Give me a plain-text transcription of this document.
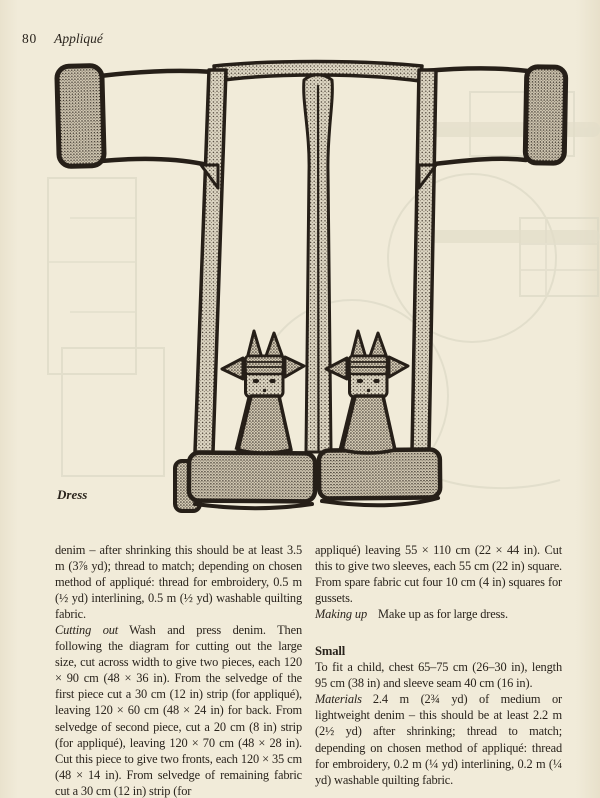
80 Appliqué
Dress

denim – after shrinking this should be at least 3.5 m (3⅞ yd); thread to match; depending on chosen method of appliqué: thread for embroidery, 0.5 m (½ yd) interlining, 0.5 m (½ yd) washable quilting fabric.

Cutting out Wash and press denim. Then following the diagram for cutting out the large size, cut across width to give two pieces, each 120 × 90 cm (48 × 36 in). From the selvedge of the first piece cut a 30 cm (12 in) strip (for appliqué), leaving 120 × 60 cm (48 × 24 in) for back. From selvedge of second piece, cut a 20 cm (8 in) strip (for appliqué), leaving 120 × 70 cm (48 × 28 in). Cut this piece to give two fronts, each 120 × 35 cm (48 × 14 in). From selvedge of remaining fabric cut a 30 cm (12 in) strip (for

appliqué) leaving 55 × 110 cm (22 × 44 in). Cut this to give two sleeves, each 55 cm (22 in) square. From spare fabric cut four 10 cm (4 in) squares for gussets.

Making up Make up as for large dress.

Small

To fit a child, chest 65–75 cm (26–30 in), length 95 cm (38 in) and sleeve seam 40 cm (16 in).

Materials 2.4 m (2¾ yd) of medium or lightweight denim – this should be at least 2.2 m (2½ yd) after shrinking; thread to match; depending on chosen method of appliqué: thread for embroidery, 0.2 m (¼ yd) interlining, 0.2 m (¼ yd) washable quilting fabric.
